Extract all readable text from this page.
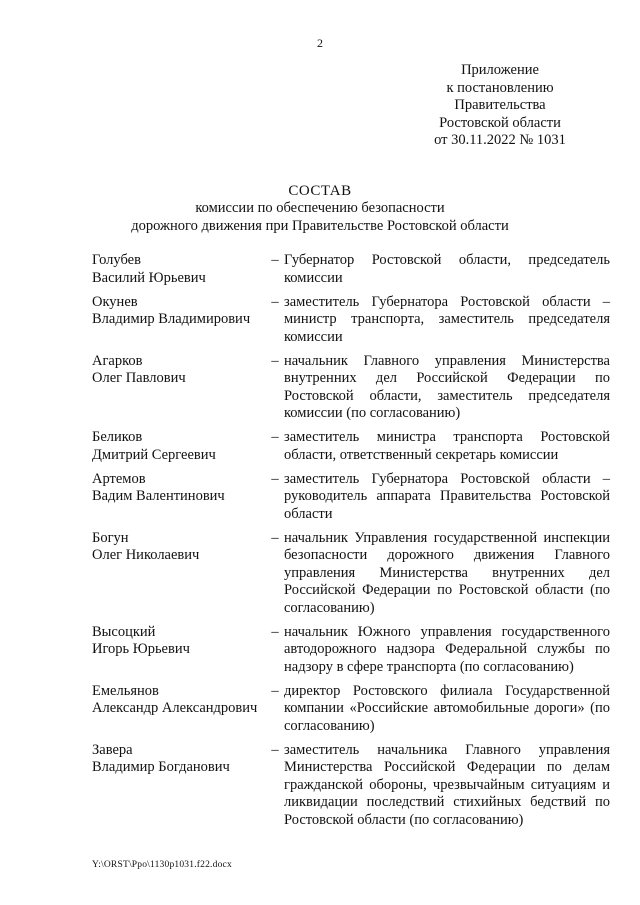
2
Приложение
к постановлению
Правительства
Ростовской области
от 30.11.2022 № 1031
СОСТАВ
комиссии по обеспечению безопасности
дорожного движения при Правительстве Ростовской области
Голубев
Василий Юрьевич
– Губернатор Ростовской области, председатель комиссии
Окунев
Владимир Владимирович
– заместитель Губернатора Ростовской области – министр транспорта, заместитель председателя комиссии
Агарков
Олег Павлович
– начальник Главного управления Министерства внутренних дел Российской Федерации по Ростовской области, заместитель председателя комиссии (по согласованию)
Беликов
Дмитрий Сергеевич
– заместитель министра транспорта Ростовской области, ответственный секретарь комиссии
Артемов
Вадим Валентинович
– заместитель Губернатора Ростовской области – руководитель аппарата Правительства Ростовской области
Богун
Олег Николаевич
– начальник Управления государственной инспекции безопасности дорожного движения Главного управления Министерства внутренних дел Российской Федерации по Ростовской области (по согласованию)
Высоцкий
Игорь Юрьевич
– начальник Южного управления государственного автодорожного надзора Федеральной службы по надзору в сфере транспорта (по согласованию)
Емельянов
Александр Александрович
– директор Ростовского филиала Государственной компании «Российские автомобильные дороги» (по согласованию)
Завера
Владимир Богданович
– заместитель начальника Главного управления Министерства Российской Федерации по делам гражданской обороны, чрезвычайным ситуациям и ликвидации последствий стихийных бедствий по Ростовской области (по согласованию)
Y:\ORST\Ppo\1130p1031.f22.docx
